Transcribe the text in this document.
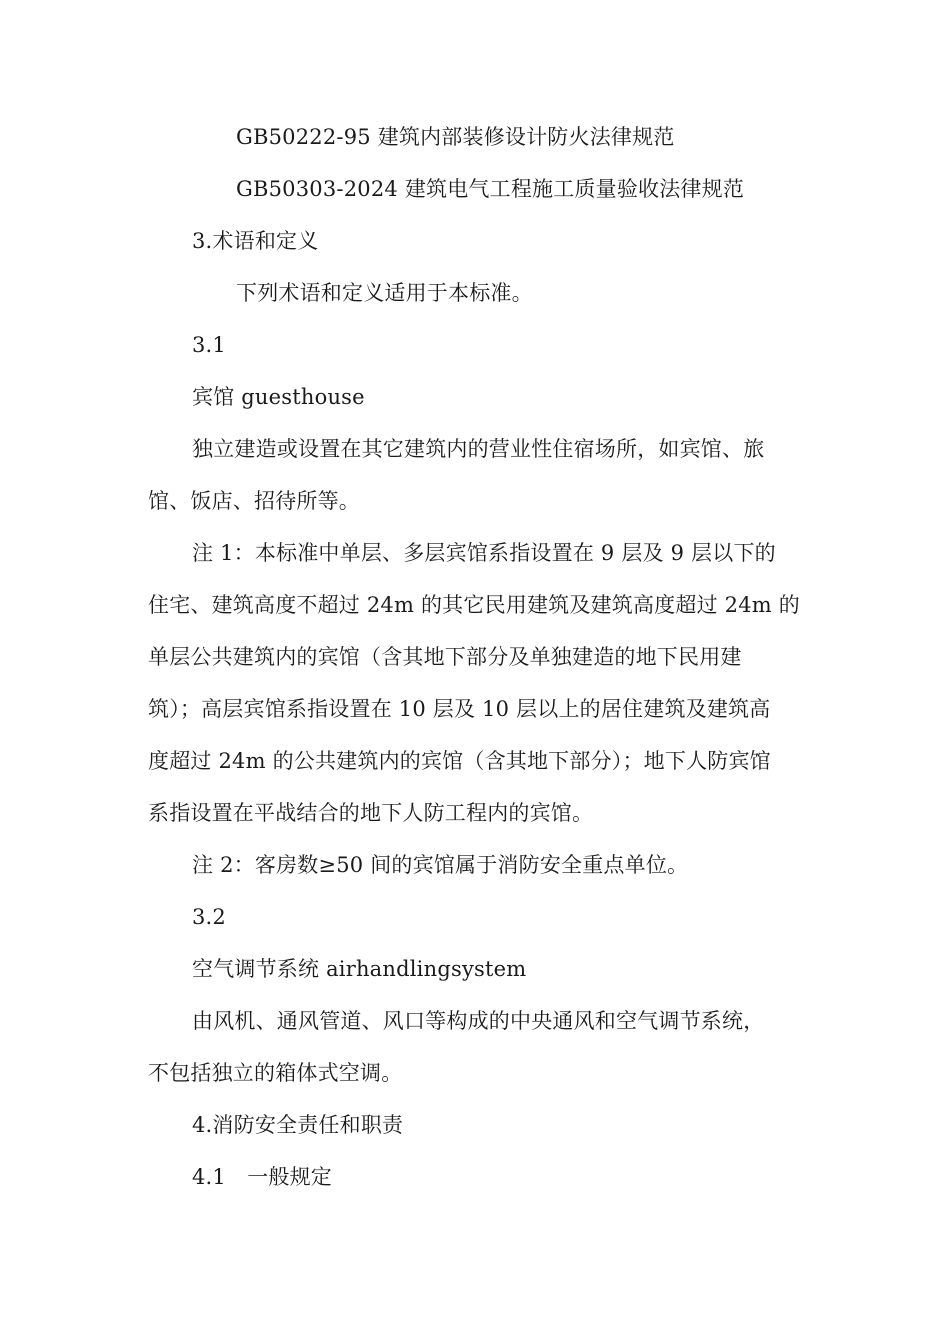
GB50222-95 建筑内部装修设计防火法律规范
GB50303-2024 建筑电气工程施工质量验收法律规范
3.术语和定义
下列术语和定义适用于本标准。
3.1
宾馆 guesthouse
独立建造或设置在其它建筑内的营业性住宿场所，如宾馆、旅
馆、饭店、招待所等。
注 1：本标准中单层、多层宾馆系指设置在 9 层及 9 层以下的
住宅、建筑高度不超过 24m 的其它民用建筑及建筑高度超过 24m 的
单层公共建筑内的宾馆（含其地下部分及单独建造的地下民用建
筑）；高层宾馆系指设置在 10 层及 10 层以上的居住建筑及建筑高
度超过 24m 的公共建筑内的宾馆（含其地下部分）；地下人防宾馆
系指设置在平战结合的地下人防工程内的宾馆。
注 2：客房数≥50 间的宾馆属于消防安全重点单位。
3.2
空气调节系统 airhandlingsystem
由风机、通风管道、风口等构成的中央通风和空气调节系统，
不包括独立的箱体式空调。
4.消防安全责任和职责
4.1　一般规定
